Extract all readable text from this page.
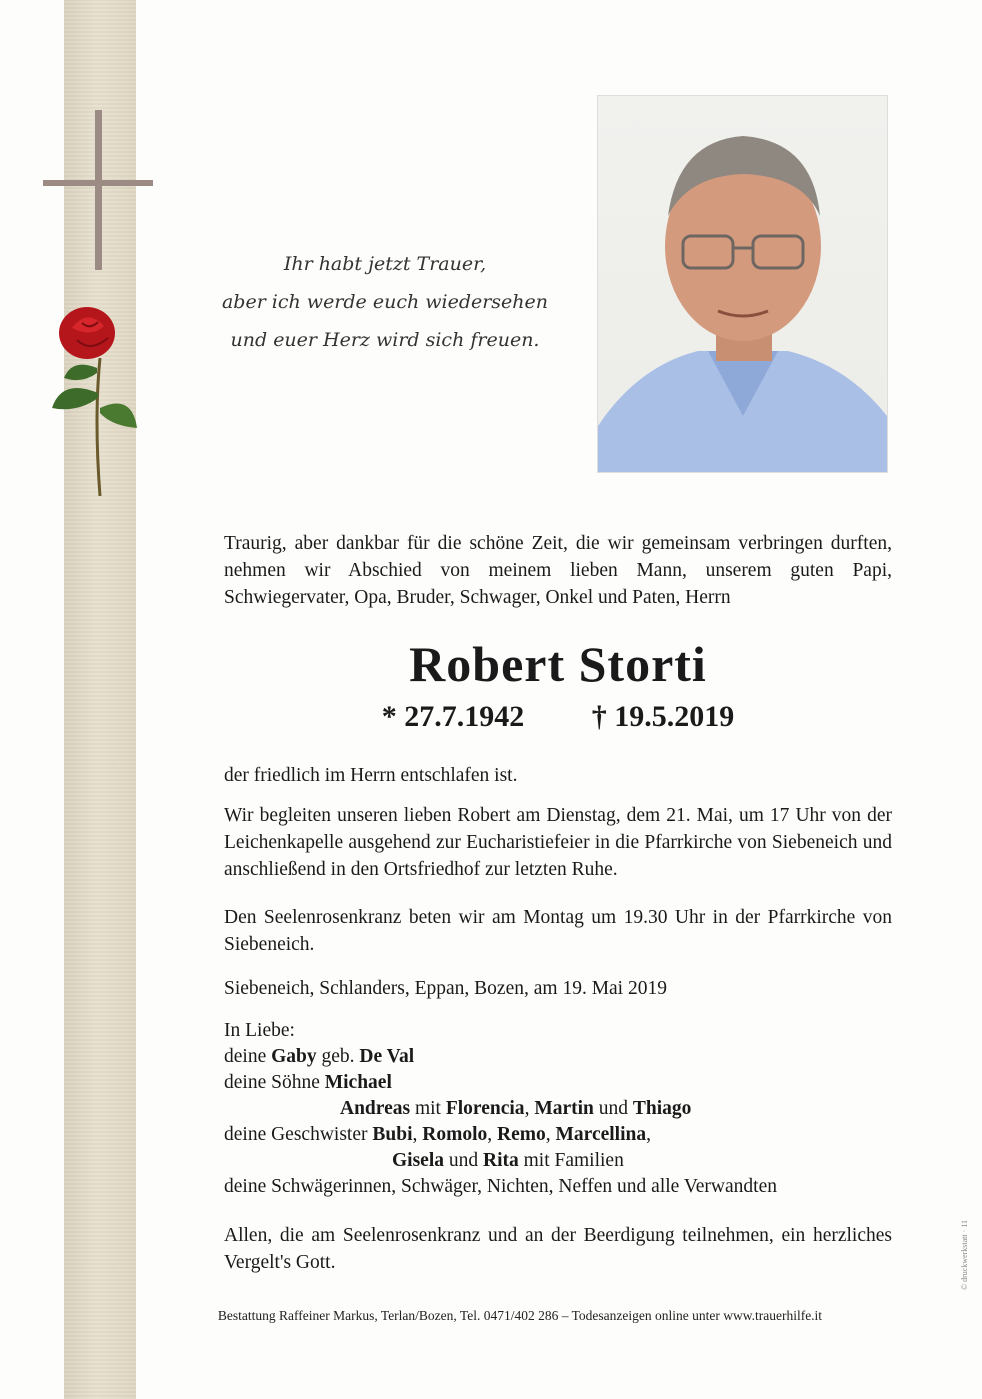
Ihr habt jetzt Trauer,
aber ich werde euch wiedersehen
und euer Herz wird sich freuen.
Traurig, aber dankbar für die schöne Zeit, die wir gemeinsam verbringen durften, nehmen wir Abschied von meinem lieben Mann, unserem guten Papi, Schwiegervater, Opa, Bruder, Schwager, Onkel und Paten, Herrn
Robert Storti
* 27.7.1942 † 19.5.2019
der friedlich im Herrn entschlafen ist.
Wir begleiten unseren lieben Robert am Dienstag, dem 21. Mai, um 17 Uhr von der Leichenkapelle ausgehend zur Eucharistiefeier in die Pfarrkirche von Siebeneich und anschließend in den Ortsfriedhof zur letzten Ruhe.
Den Seelenrosenkranz beten wir am Montag um 19.30 Uhr in der Pfarrkirche von Siebeneich.
Siebeneich, Schlanders, Eppan, Bozen, am 19. Mai 2019
In Liebe:
deine Gaby geb. De Val
deine Söhne Michael
Andreas mit Florencia, Martin und Thiago
deine Geschwister Bubi, Romolo, Remo, Marcellina,
Gisela und Rita mit Familien
deine Schwägerinnen, Schwäger, Nichten, Neffen und alle Verwandten
Allen, die am Seelenrosenkranz und an der Beerdigung teilnehmen, ein herzliches Vergelt's Gott.
Bestattung Raffeiner Markus, Terlan/Bozen, Tel. 0471/402 286 – Todesanzeigen online unter www.trauerhilfe.it
© druckwerkstatt · 11
